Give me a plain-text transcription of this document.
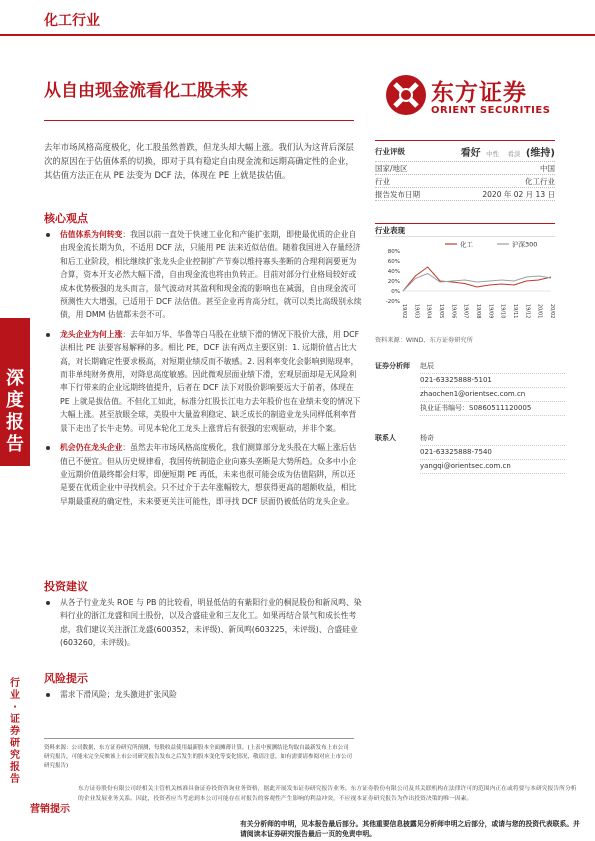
化工行业
从自由现金流看化工股未来	东方证券
ORIENT SECURITIES
深
度
报
告
行
业
·
证
券
研
究
报
告
去年市场风格高度极化，化工股虽然普跌，但龙头却大幅上涨。我们认为这背后深层次的原因在于估值体系的切换，即对于具有稳定自由现金流和远期高确定性的企业，其估值方法正在从 PE 法变为 DCF 法，体现在 PE 上就是拔估值。
核心观点
估值体系为何转变：我国以前一直处于快速工业化和产能扩张期，即使最优质的企业自由现金流长期为负，不适用 DCF 法，只能用 PE 法来近似估值。随着我国进入存量经济和后工业阶段，相比继续扩张龙头企业控制扩产节奏以维持寡头垄断的合理利润要更为合算，资本开支必然大幅下滑，自由现金流也将由负转正。目前对部分行业格局较好或成本优势极强的龙头而言，景气波动对其盈利和现金流的影响也在减弱，自由现金流可预测性大大增强，已适用于 DCF 法估值。甚至企业再肯高分红，就可以类比高级别永续债，用 DMM 估值都未尝不可。
龙头企业为何上涨：去年如万华、华鲁等白马股在业绩下滑的情况下股价大涨，用 DCF 法相比 PE 法要容易解释的多。相比 PE，DCF 法有两点主要区别：1. 远期价值占比大高，对长期确定性要求极高，对短期业绩反而不敏感。2. 因利率变化会影响到贴现率，而非单纯财务费用，对降息高度敏感。因此微观层面业绩下滑，宏观层面却是无风险利率下行带来的企业远期终值提升，后者在 DCF 法下对股价影响要远大于前者，体现在 PE 上就是拔估值。不但化工如此，标准分红股长江电力去年股价也在业绩未变的情况下大幅上涨。甚至放眼全球，美股中大量盈利稳定、缺乏成长的制造业龙头同样低利率背景下走出了长牛走势。可见本轮化工龙头上涨背后有很强的宏观驱动，并非个案。
机会仍在龙头企业：虽然去年市场风格高度极化，我们测算部分龙头股在大幅上涨后估值已不便宜。但从历史规律看，我国传统制造企业向寡头垄断是大势所趋。众多中小企业远期价值最终都会归零，即便短期 PE 再低，未来也很可能会成为估值陷阱，所以还是要在优质企业中寻找机会。只不过介于去年涨幅较大，想获得更高的超额收益，相比早期最重视的确定性，未来要更关注可能性，即寻找 DCF 层面仍被低估的龙头企业。
投资建议
从各子行业龙头 ROE 与 PB 的比较看，明显低估的有紫阳行业的桐昆股份和新凤鸣、染料行业的浙江龙盛和闰土股份，以及合盛硅业和三友化工。如果再结合景气和成长性考虑，我们建议关注浙江龙盛(600352，未评级)、新凤鸣(603225，未评级)、合盛硅业(603260，未评级)。
风险提示
需求下滑风险；龙头激进扩张风险
行业评级	看好 中性 看淡 (维持)
国家/地区	中国
行业	化工行业
报告发布日期	2020 年 02 月 13 日
行业表现
化工	沪深300
80%
60%
40%
20%
0%
-20%
19/02 19/03 19/04 19/05 19/06 19/07 19/08 19/09 19/10 19/11 19/12 20/01 20/02
资料来源：WIND、东方证券研究所
证券分析师	赵辰
021-63325888-5101
zhaochen1@orientsec.com.cn
执业证书编号：S0860511120005
联系人	杨奇
021-63325888-7540
yangqi@orientsec.com.cn
资料来源：公司数据，东方证券研究所预测，每股收益使用最新股本全面摊薄计算，(上表中预测结论均取自最新发布上市公司研究报告，可能未完全反映该上市公司研究报告发布之后发生的股本变化等变化情况，敬请注意，如有需要请参阅对应上市公司研究报告)
营销提示
东方证券股份有限公司经相关主管机关核准具备证券投资咨询业务资格，据此开展发布证券研究报告业务。东方证券股份有限公司及其关联机构在法律许可的范围内正在或将要与本研究报告所分析的企业发展业务关系。因此，投资者应当考虑到本公司可能存在对报告的客观性产生影响的利益冲突，不应视本证券研究报告为作出投资决策的唯一因素。
有关分析师的申明，见本报告最后部分。其他重要信息披露见分析师申明之后部分，或请与您的投资代表联系。并请阅读本证券研究报告最后一页的免责申明。
